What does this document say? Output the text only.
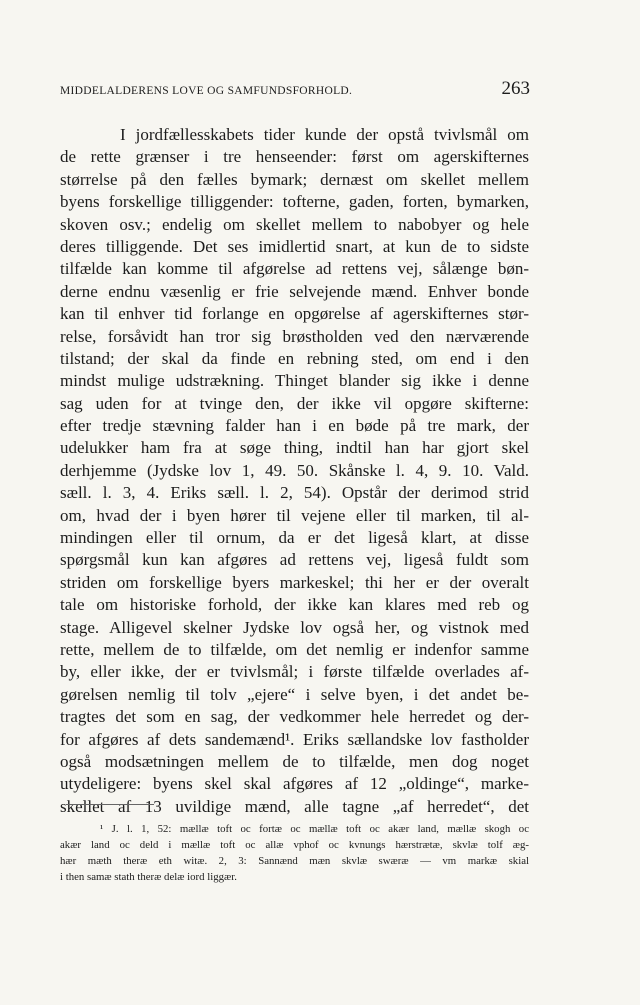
MIDDELALDERENS LOVE OG SAMFUNDSFORHOLD.	263
I jordfællesskabets tider kunde der opstå tvivlsmål om
de rette grænser i tre henseender: først om agerskifternes
størrelse på den fælles bymark; dernæst om skellet mellem
byens forskellige tilliggender: tofterne, gaden, forten, bymarken,
skoven osv.; endelig om skellet mellem to nabobyer og hele
deres tilliggende. Det ses imidlertid snart, at kun de to sidste
tilfælde kan komme til afgørelse ad rettens vej, sålænge bøn-
derne endnu væsenlig er frie selvejende mænd. Enhver bonde
kan til enhver tid forlange en opgørelse af agerskifternes stør-
relse, forsåvidt han tror sig brøstholden ved den nærværende
tilstand; der skal da finde en rebning sted, om end i den
mindst mulige udstrækning. Thinget blander sig ikke i denne
sag uden for at tvinge den, der ikke vil opgøre skifterne:
efter tredje stævning falder han i en bøde på tre mark, der
udelukker ham fra at søge thing, indtil han har gjort skel
derhjemme (Jydske lov 1, 49. 50. Skånske l. 4, 9. 10. Vald.
sæll. l. 3, 4. Eriks sæll. l. 2, 54). Opstår der derimod strid
om, hvad der i byen hører til vejene eller til marken, til al-
mindingen eller til ornum, da er det ligeså klart, at disse
spørgsmål kun kan afgøres ad rettens vej, ligeså fuldt som
striden om forskellige byers markeskel; thi her er der overalt
tale om historiske forhold, der ikke kan klares med reb og
stage. Alligevel skelner Jydske lov også her, og vistnok med
rette, mellem de to tilfælde, om det nemlig er indenfor samme
by, eller ikke, der er tvivlsmål; i første tilfælde overlades af-
gørelsen nemlig til tolv „ejere“ i selve byen, i det andet be-
tragtes det som en sag, der vedkommer hele herredet og der-
for afgøres af dets sandemænd¹. Eriks sællandske lov fastholder
også modsætningen mellem de to tilfælde, men dog noget
utydeligere: byens skel skal afgøres af 12 „oldinge“, marke-
skellet af 13 uvildige mænd, alle tagne „af herredet“, det
¹ J. l. 1, 52: mællæ toft oc fortæ oc mællæ toft oc akær land, mællæ skogh oc
akær land oc deld i mællæ toft oc allæ vphof oc kvnungs hærstrætæ, skvlæ tolf æg-
hær mæth theræ eth witæ. 2, 3: Sannænd mæn skvlæ swæræ — vm markæ skial
i then samæ stath theræ delæ iord liggær.
